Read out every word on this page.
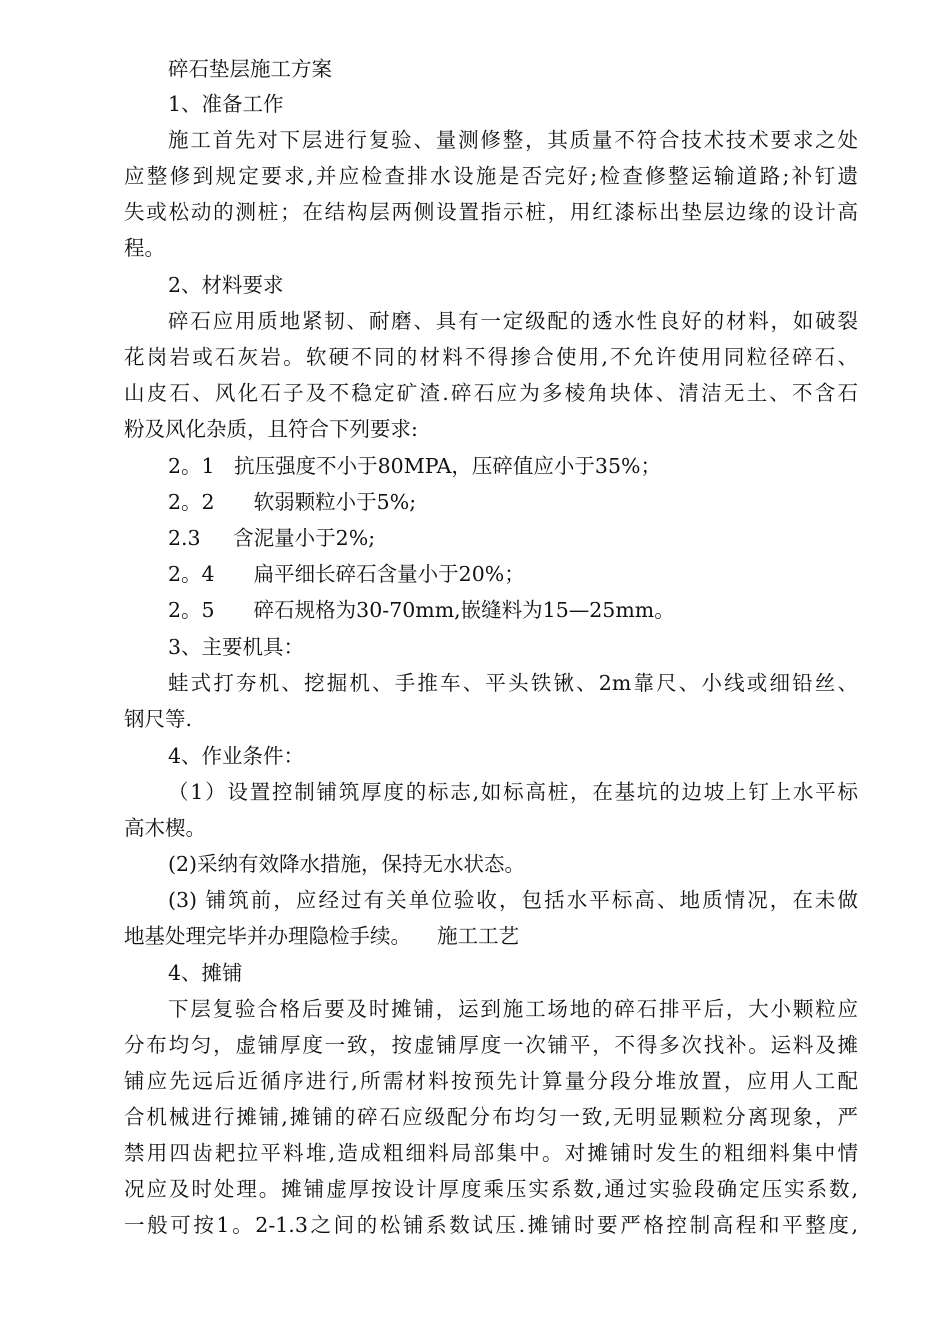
碎石垫层施工方案
1、准备工作
施工首先对下层进行复验、量测修整，其质量不符合技术技术要求之处
应整修到规定要求,并应检查排水设施是否完好;检查修整运输道路;补钉遗
失或松动的测桩；在结构层两侧设置指示桩，用红漆标出垫层边缘的设计高
程。
2、材料要求
碎石应用质地紧韧、耐磨、具有一定级配的透水性良好的材料，如破裂
花岗岩或石灰岩。软硬不同的材料不得掺合使用,不允许使用同粒径碎石、
山皮石、风化石子及不稳定矿渣.碎石应为多棱角块体、清洁无土、不含石
粉及风化杂质，且符合下列要求:
2。1   抗压强度不小于80MPA，压碎值应小于35%；
2。2      软弱颗粒小于5%;
2.3     含泥量小于2%;
2。4      扁平细长碎石含量小于20%；
2。5      碎石规格为30-70mm,嵌缝料为15—25mm。
3、主要机具：
蛙式打夯机、挖掘机、手推车、平头铁锹、2m靠尺、小线或细铅丝、
钢尺等.
4、作业条件：
（1）设置控制铺筑厚度的标志,如标高桩，在基坑的边坡上钉上水平标
高木楔。
(2)采纳有效降水措施，保持无水状态。
(3) 铺筑前，应经过有关单位验收，包括水平标高、地质情况，在未做
地基处理完毕并办理隐检手续。    施工工艺
4、摊铺
下层复验合格后要及时摊铺，运到施工场地的碎石排平后，大小颗粒应
分布均匀，虚铺厚度一致，按虚铺厚度一次铺平，不得多次找补。运料及摊
铺应先远后近循序进行,所需材料按预先计算量分段分堆放置，应用人工配
合机械进行摊铺,摊铺的碎石应级配分布均匀一致,无明显颗粒分离现象，严
禁用四齿耙拉平料堆,造成粗细料局部集中。对摊铺时发生的粗细料集中情
况应及时处理。摊铺虚厚按设计厚度乘压实系数,通过实验段确定压实系数,
一般可按1。2-1.3之间的松铺系数试压.摊铺时要严格控制高程和平整度,
